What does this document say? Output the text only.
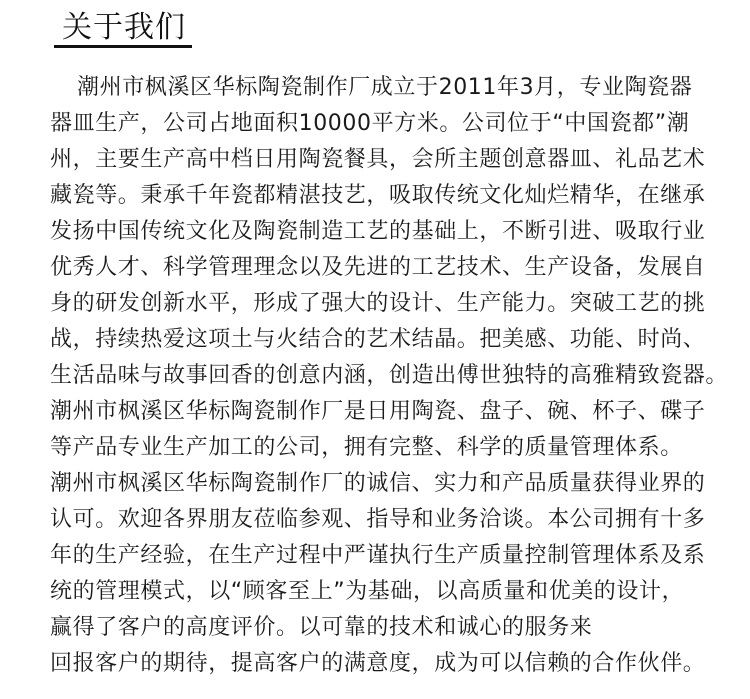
关于我们
潮州市枫溪区华标陶瓷制作厂成立于2011年3月，专业陶瓷器
器皿生产，公司占地面积10000平方米。公司位于“中国瓷都”潮
州，主要生产高中档日用陶瓷餐具，会所主题创意器皿、礼品艺术
藏瓷等。秉承千年瓷都精湛技艺，吸取传统文化灿烂精华，在继承
发扬中国传统文化及陶瓷制造工艺的基础上，不断引进、吸取行业
优秀人才、科学管理理念以及先进的工艺技术、生产设备，发展自
身的研发创新水平，形成了强大的设计、生产能力。突破工艺的挑
战，持续热爱这项土与火结合的艺术结晶。把美感、功能、时尚、
生活品味与故事回香的创意内涵，创造出傅世独特的高雅精致瓷器。
潮州市枫溪区华标陶瓷制作厂是日用陶瓷、盘子、碗、杯子、碟子
等产品专业生产加工的公司，拥有完整、科学的质量管理体系。
潮州市枫溪区华标陶瓷制作厂的诚信、实力和产品质量获得业界的
认可。欢迎各界朋友莅临参观、指导和业务洽谈。本公司拥有十多
年的生产经验，在生产过程中严谨执行生产质量控制管理体系及系
统的管理模式，以“顾客至上”为基础，以高质量和优美的设计，
赢得了客户的高度评价。以可靠的技术和诚心的服务来
回报客户的期待，提高客户的满意度，成为可以信赖的合作伙伴。
